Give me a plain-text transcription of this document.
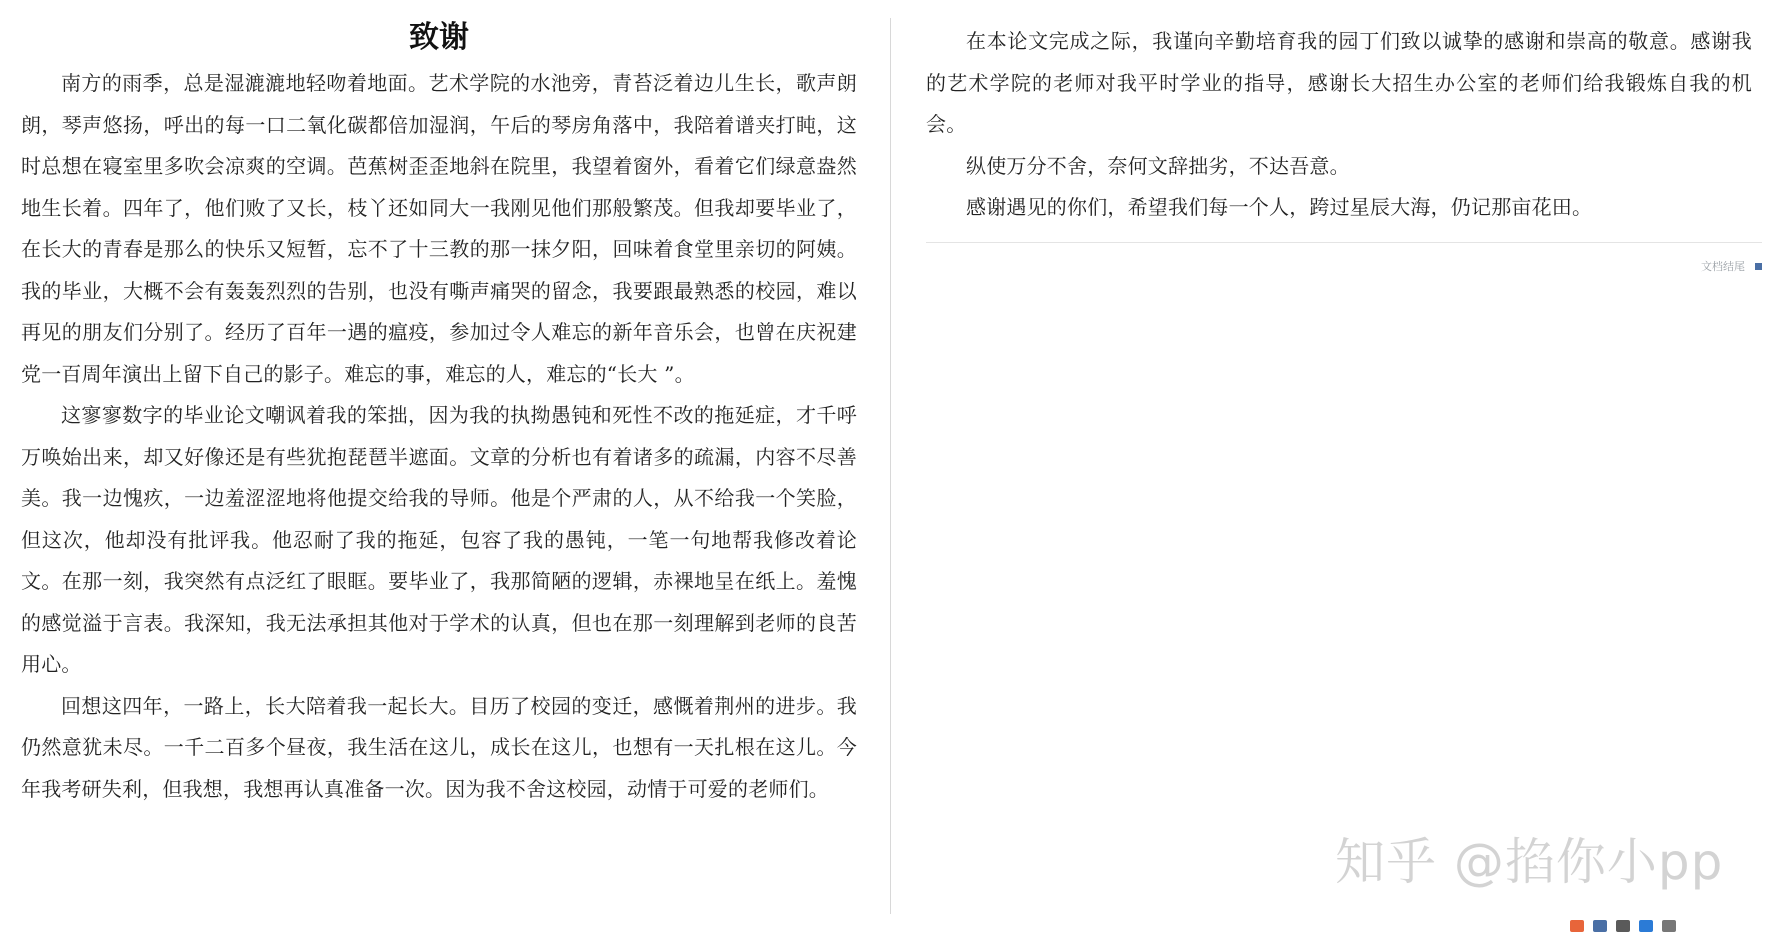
致谢

南方的雨季，总是湿漉漉地轻吻着地面。艺术学院的水池旁，青苔泛着边儿生长，歌声朗朗，琴声悠扬，呼出的每一口二氧化碳都倍加湿润，午后的琴房角落中，我陪着谱夹打盹，这时总想在寝室里多吹会凉爽的空调。芭蕉树歪歪地斜在院里，我望着窗外，看着它们绿意盎然地生长着。四年了，他们败了又长，枝丫还如同大一我刚见他们那般繁茂。但我却要毕业了，在长大的青春是那么的快乐又短暂，忘不了十三教的那一抹夕阳，回味着食堂里亲切的阿姨。我的毕业，大概不会有轰轰烈烈的告别，也没有嘶声痛哭的留念，我要跟最熟悉的校园，难以再见的朋友们分别了。经历了百年一遇的瘟疫，参加过令人难忘的新年音乐会，也曾在庆祝建党一百周年演出上留下自己的影子。难忘的事，难忘的人，难忘的“长大 ”。

这寥寥数字的毕业论文嘲讽着我的笨拙，因为我的执拗愚钝和死性不改的拖延症，才千呼万唤始出来，却又好像还是有些犹抱琵琶半遮面。文章的分析也有着诸多的疏漏，内容不尽善美。我一边愧疚，一边羞涩涩地将他提交给我的导师。他是个严肃的人，从不给我一个笑脸，但这次，他却没有批评我。他忍耐了我的拖延，包容了我的愚钝，一笔一句地帮我修改着论文。在那一刻，我突然有点泛红了眼眶。要毕业了，我那简陋的逻辑，赤裸地呈在纸上。羞愧的感觉溢于言表。我深知，我无法承担其他对于学术的认真，但也在那一刻理解到老师的良苦用心。

回想这四年，一路上，长大陪着我一起长大。目历了校园的变迁，感慨着荆州的进步。我仍然意犹未尽。一千二百多个昼夜，我生活在这儿，成长在这儿，也想有一天扎根在这儿。今年我考研失利，但我想，我想再认真准备一次。因为我不舍这校园，动情于可爱的老师们。

在本论文完成之际，我谨向辛勤培育我的园丁们致以诚挚的感谢和崇高的敬意。感谢我的艺术学院的老师对我平时学业的指导，感谢长大招生办公室的老师们给我锻炼自我的机会。

纵使万分不舍，奈何文辞拙劣，不达吾意。

感谢遇见的你们，希望我们每一个人，跨过星辰大海，仍记那亩花田。

文档结尾
知乎 @掐你小pp
